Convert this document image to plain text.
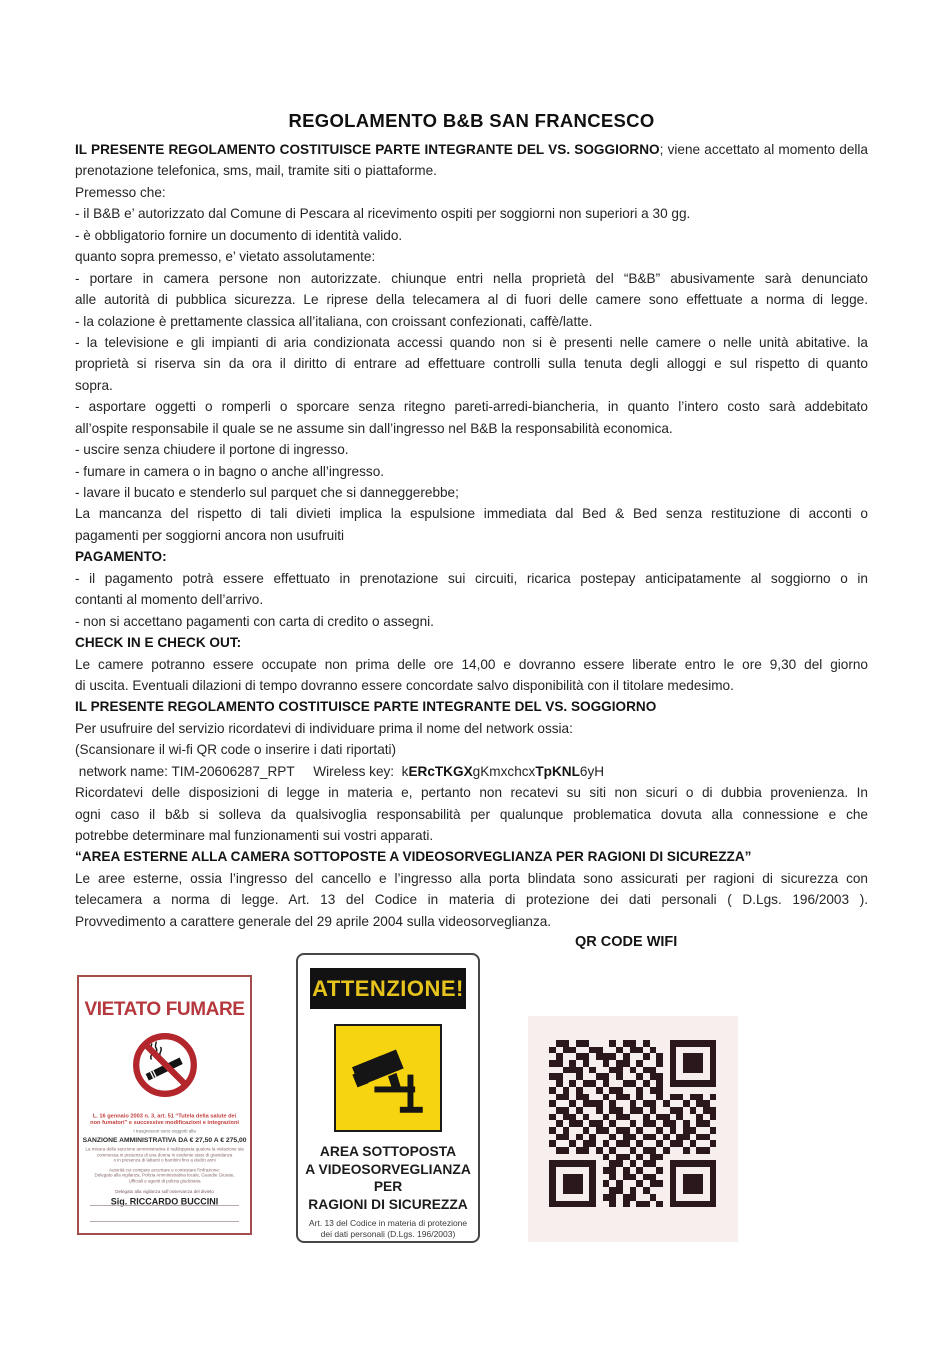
REGOLAMENTO B&B SAN FRANCESCO
IL PRESENTE REGOLAMENTO COSTITUISCE PARTE INTEGRANTE DEL VS. SOGGIORNO; viene accettato al momento della
prenotazione telefonica, sms, mail, tramite siti o piattaforme.
Premesso che:
- il B&B e’ autorizzato dal Comune di Pescara al ricevimento ospiti per soggiorni non superiori a 30 gg.
- è obbligatorio fornire un documento di identità valido.
quanto sopra premesso, e’ vietato assolutamente:
- portare in camera persone non autorizzate. chiunque entri nella proprietà del “B&B” abusivamente sarà denunciato
alle autorità di pubblica sicurezza. Le riprese della telecamera al di fuori delle camere sono effettuate a norma di legge.
- la colazione è prettamente classica all’italiana, con croissant confezionati, caffè/latte.
- la televisione e gli impianti di aria condizionata accessi quando non si è presenti nelle camere o nelle unità abitative. la
proprietà si riserva sin da ora il diritto di entrare ad effettuare controlli sulla tenuta degli alloggi e sul rispetto di quanto
sopra.
- asportare oggetti o romperli o sporcare senza ritegno pareti-arredi-biancheria, in quanto l’intero costo sarà addebitato
all’ospite responsabile il quale se ne assume sin dall’ingresso nel B&B la responsabilità economica.
- uscire senza chiudere il portone di ingresso.
- fumare in camera o in bagno o anche all’ingresso.
- lavare il bucato e stenderlo sul parquet che si danneggerebbe;
La mancanza del rispetto di tali divieti implica la espulsione immediata dal Bed & Bed senza restituzione di acconti o
pagamenti per soggiorni ancora non usufruiti
PAGAMENTO:
- il pagamento potrà essere effettuato in prenotazione sui circuiti, ricarica postepay anticipatamente al soggiorno o in
contanti al momento dell’arrivo.
- non si accettano pagamenti con carta di credito o assegni.
CHECK IN E CHECK OUT:
Le camere potranno essere occupate non prima delle ore 14,00 e dovranno essere liberate entro le ore 9,30 del giorno
di uscita. Eventuali dilazioni di tempo dovranno essere concordate salvo disponibilità con il titolare medesimo.
IL PRESENTE REGOLAMENTO COSTITUISCE PARTE INTEGRANTE DEL VS. SOGGIORNO
Per usufruire del servizio ricordatevi di individuare prima il nome del network ossia:
(Scansionare il wi-fi QR code o inserire i dati riportati)
network name: TIM-20606287_RPT     Wireless key:  kERcTKGXgKmxchcxTpKNL6yH
Ricordatevi delle disposizioni di legge in materia e, pertanto non recatevi su siti non sicuri o di dubbia provenienza. In
ogni caso il b&b si solleva da qualsivoglia responsabilità per qualunque problematica dovuta alla connessione e che
potrebbe determinare mal funzionamenti sui vostri apparati.
“AREA ESTERNE ALLA CAMERA SOTTOPOSTE A VIDEOSORVEGLIANZA PER RAGIONI DI SICUREZZA”
Le aree esterne, ossia l’ingresso del cancello e l’ingresso alla porta blindata sono assicurati per ragioni di sicurezza con
telecamera a norma di legge. Art. 13 del Codice in materia di protezione dei dati personali ( D.Lgs. 196/2003 ).
Provvedimento a carattere generale del 29 aprile 2004 sulla videosorveglianza.
QR CODE WIFI
VIETATO FUMARE
L. 16 gennaio 2003 n. 3, art. 51 “Tutela della salute dei
non fumatori” e successive modificazioni e integrazioni
I trasgressori sono soggetti alla
SANZIONE AMMINISTRATIVA DA € 27,50 A € 275,00
La misura della sanzione amministrativa è raddoppiata qualora la violazione sia
commessa in presenza di una donna in evidente stato di gravidanza
o in presenza di lattanti o bambini fino a dodici anni
Autorità cui compete accertare e contestare l’infrazione:
Delegato alla vigilanza, Polizia Amministrativa locale, Guardie Giurate,
Ufficiali e agenti di polizia giudiziaria
Delegato alla vigilanza sull’osservanza del divieto
Sig. RICCARDO BUCCINI
ATTENZIONE!
AREA SOTTOPOSTA
A VIDEOSORVEGLIANZA
PER
RAGIONI DI SICUREZZA
Art. 13 del Codice in materia di protezione
dei dati personali (D.Lgs. 196/2003)
